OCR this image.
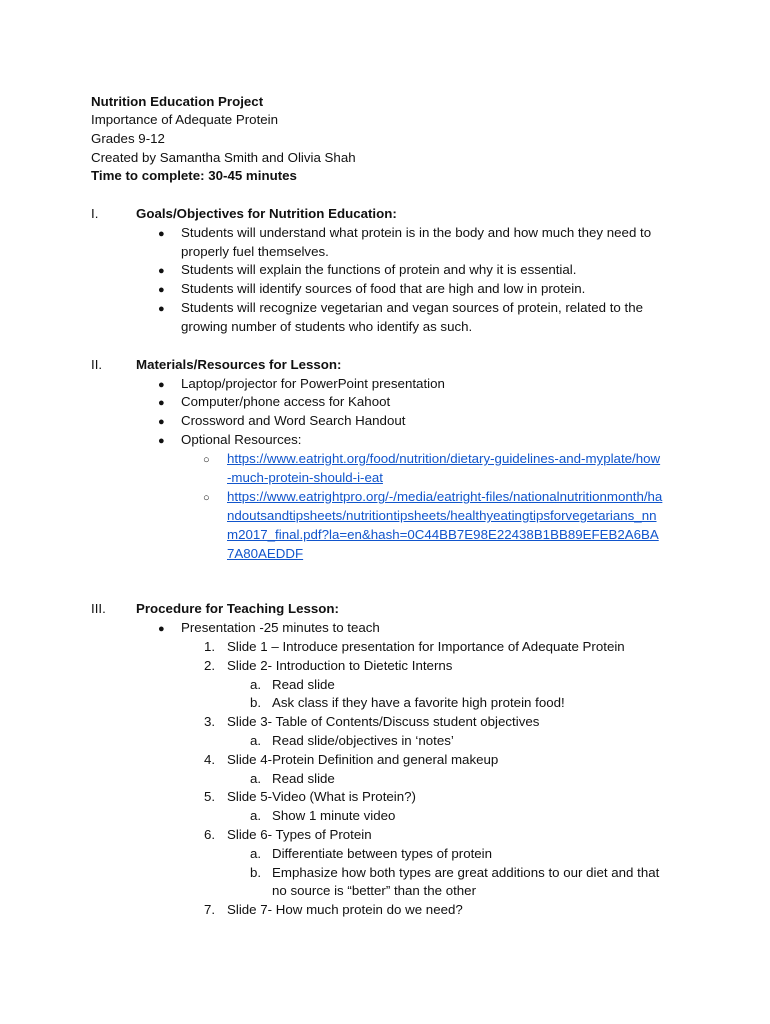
Nutrition Education Project
Importance of Adequate Protein
Grades 9-12
Created by Samantha Smith and Olivia Shah
Time to complete: 30-45 minutes
I.	Goals/Objectives for Nutrition Education:
● Students will understand what protein is in the body and how much they need to
properly fuel themselves.
● Students will explain the functions of protein and why it is essential.
● Students will identify sources of food that are high and low in protein.
● Students will recognize vegetarian and vegan sources of protein, related to the
growing number of students who identify as such.
II.	Materials/Resources for Lesson:
● Laptop/projector for PowerPoint presentation
● Computer/phone access for Kahoot
● Crossword and Word Search Handout
● Optional Resources:
○ https://www.eatright.org/food/nutrition/dietary-guidelines-and-myplate/how
-much-protein-should-i-eat
○ https://www.eatrightpro.org/-/media/eatright-files/nationalnutritionmonth/ha
ndoutsandtipsheets/nutritiontipsheets/healthyeatingtipsforvegetarians_nn
m2017_final.pdf?la=en&hash=0C44BB7E98E22438B1BB89EFEB2A6BA
7A80AEDDF
III. Procedure for Teaching Lesson:
● Presentation -25 minutes to teach
1. Slide 1 – Introduce presentation for Importance of Adequate Protein
2. Slide 2- Introduction to Dietetic Interns
a. Read slide
b. Ask class if they have a favorite high protein food!
3. Slide 3- Table of Contents/Discuss student objectives
a. Read slide/objectives in ‘notes’
4. Slide 4-Protein Definition and general makeup
a. Read slide
5. Slide 5-Video (What is Protein?)
a. Show 1 minute video
6. Slide 6- Types of Protein
a. Differentiate between types of protein
b. Emphasize how both types are great additions to our diet and that
no source is “better” than the other
7. Slide 7- How much protein do we need?
